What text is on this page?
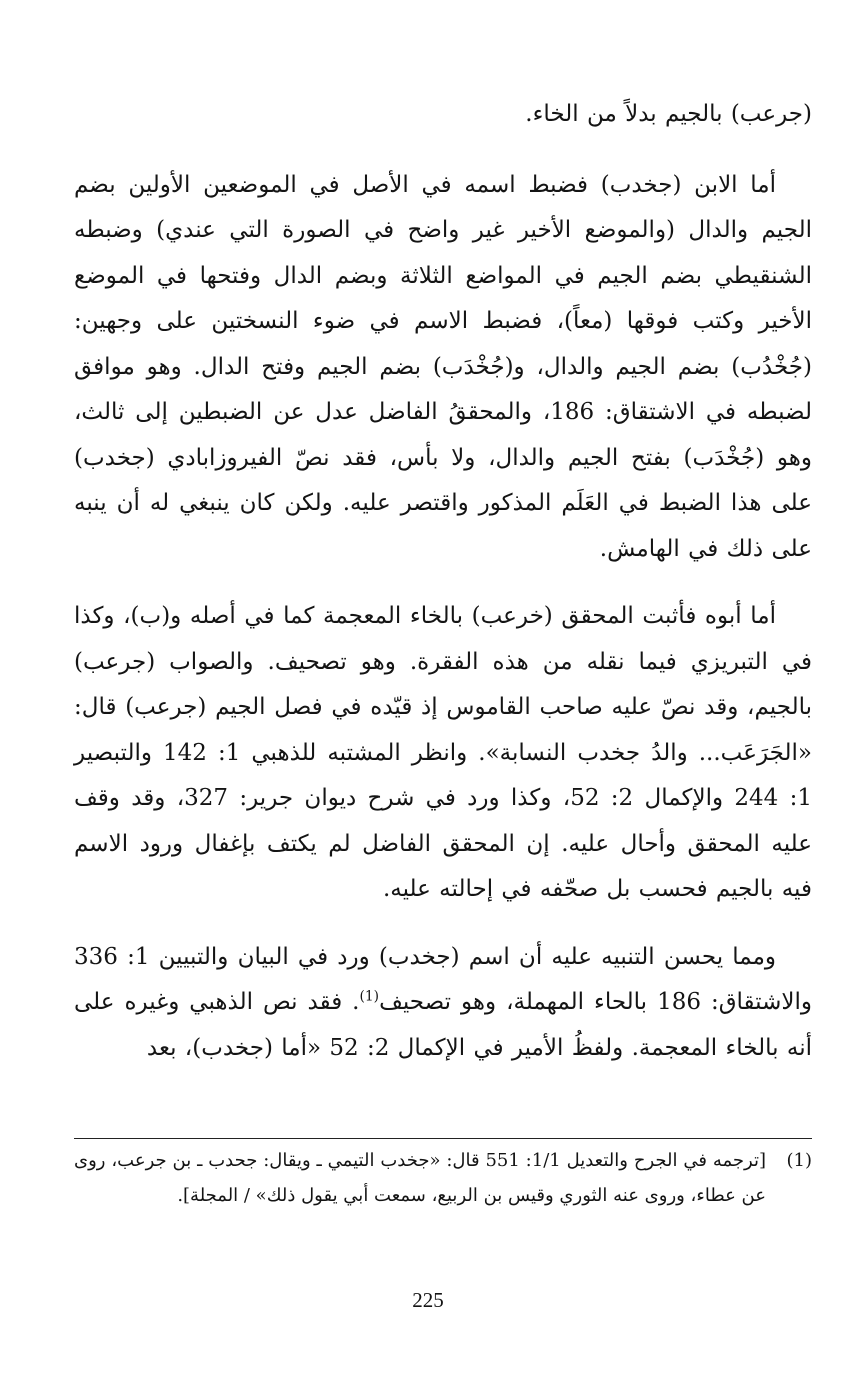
(جرعب) بالجيم بدلاً من الخاء.

أما الابن (جخدب) فضبط اسمه في الأصل في الموضعين الأولين بضم الجيم والدال (والموضع الأخير غير واضح في الصورة التي عندي) وضبطه الشنقيطي بضم الجيم في المواضع الثلاثة وبضم الدال وفتحها في الموضع الأخير وكتب فوقها (معاً)، فضبط الاسم في ضوء النسختين على وجهين: (جُخْدُب) بضم الجيم والدال، و(جُخْدَب) بضم الجيم وفتح الدال. وهو موافق لضبطه في الاشتقاق: 186، والمحققُ الفاضل عدل عن الضبطين إلى ثالث، وهو (جُخْدَب) بفتح الجيم والدال، ولا بأس، فقد نصّ الفيروزابادي (جخدب) على هذا الضبط في العَلَم المذكور واقتصر عليه. ولكن كان ينبغي له أن ينبه على ذلك في الهامش.

أما أبوه فأثبت المحقق (خرعب) بالخاء المعجمة كما في أصله و(ب)، وكذا في التبريزي فيما نقله من هذه الفقرة. وهو تصحيف. والصواب (جرعب) بالجيم، وقد نصّ عليه صاحب القاموس إذ قيّده في فصل الجيم (جرعب) قال: «الجَرَعَب... والدُ جخدب النسابة». وانظر المشتبه للذهبي 1: 142 والتبصير 1: 244 والإكمال 2: 52، وكذا ورد في شرح ديوان جرير: 327، وقد وقف عليه المحقق وأحال عليه. إن المحقق الفاضل لم يكتف بإغفال ورود الاسم فيه بالجيم فحسب بل صحّفه في إحالته عليه.

ومما يحسن التنبيه عليه أن اسم (جخدب) ورد في البيان والتبيين 1: 336 والاشتقاق: 186 بالحاء المهملة، وهو تصحيف$^{(1)}$. فقد نص الذهبي وغيره على أنه بالخاء المعجمة. ولفظُ الأمير في الإكمال 2: 52 «أما (جخدب)، بعد

(1)
[ترجمه في الجرح والتعديل 1/1: 551 قال: «جخدب التيمي ـ ويقال: جحدب ـ بن جرعب، روى عن عطاء، وروى عنه الثوري وقيس بن الربيع، سمعت أبي يقول ذلك» / المجلة].
225
